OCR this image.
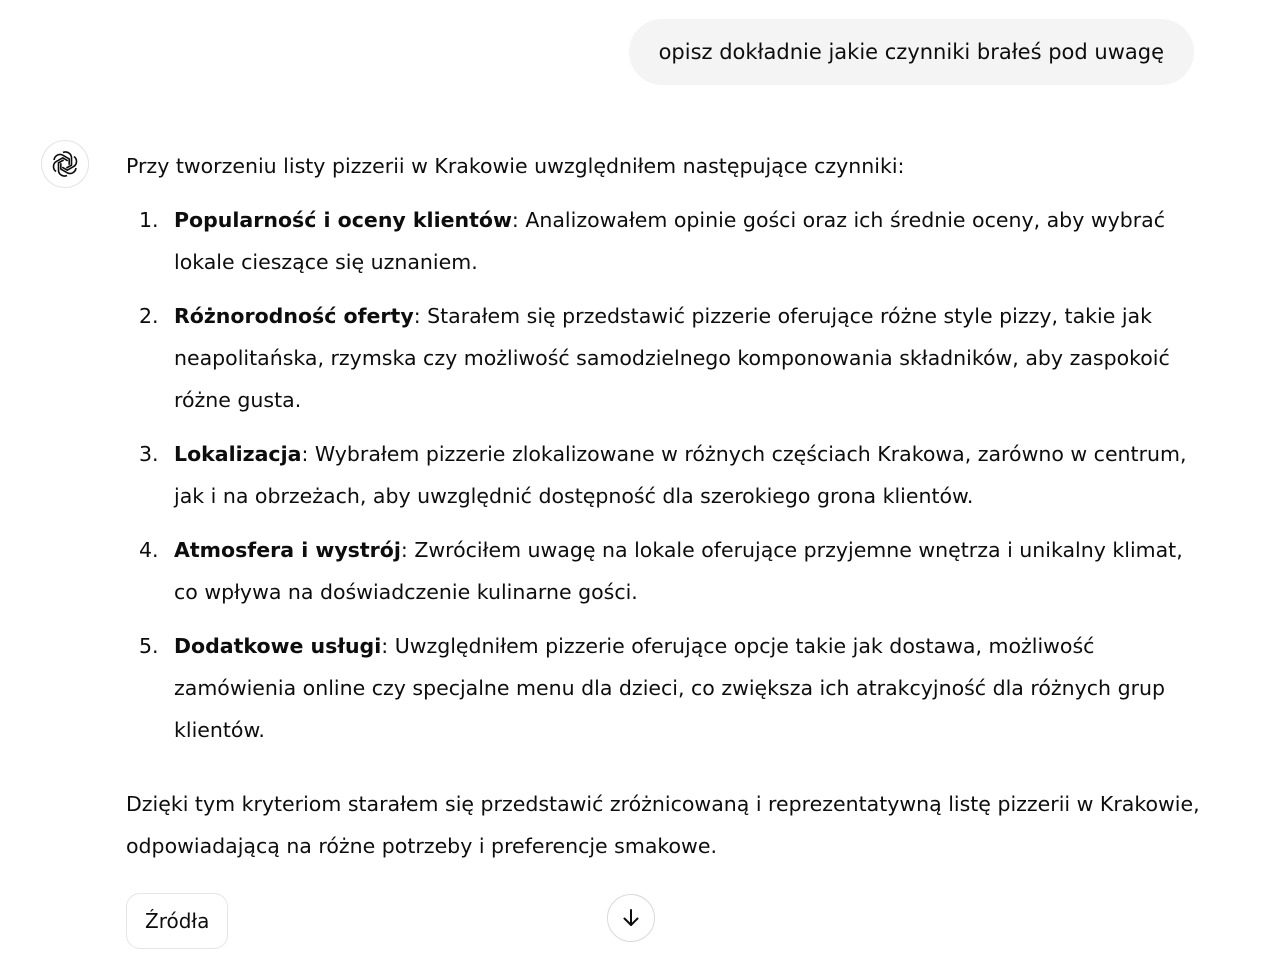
opisz dokładnie jakie czynniki brałeś pod uwagę

Przy tworzeniu listy pizzerii w Krakowie uwzględniłem następujące czynniki:

1. Popularność i oceny klientów: Analizowałem opinie gości oraz ich średnie oceny, aby wybrać lokale cieszące się uznaniem.
2. Różnorodność oferty: Starałem się przedstawić pizzerie oferujące różne style pizzy, takie jak neapolitańska, rzymska czy możliwość samodzielnego komponowania składników, aby zaspokoić różne gusta.
3. Lokalizacja: Wybrałem pizzerie zlokalizowane w różnych częściach Krakowa, zarówno w centrum, jak i na obrzeżach, aby uwzględnić dostępność dla szerokiego grona klientów.
4. Atmosfera i wystrój: Zwróciłem uwagę na lokale oferujące przyjemne wnętrza i unikalny klimat, co wpływa na doświadczenie kulinarne gości.
5. Dodatkowe usługi: Uwzględniłem pizzerie oferujące opcje takie jak dostawa, możliwość zamówienia online czy specjalne menu dla dzieci, co zwiększa ich atrakcyjność dla różnych grup klientów.

Dzięki tym kryteriom starałem się przedstawić zróżnicowaną i reprezentatywną listę pizzerii w Krakowie, odpowiadającą na różne potrzeby i preferencje smakowe.

Źródła
